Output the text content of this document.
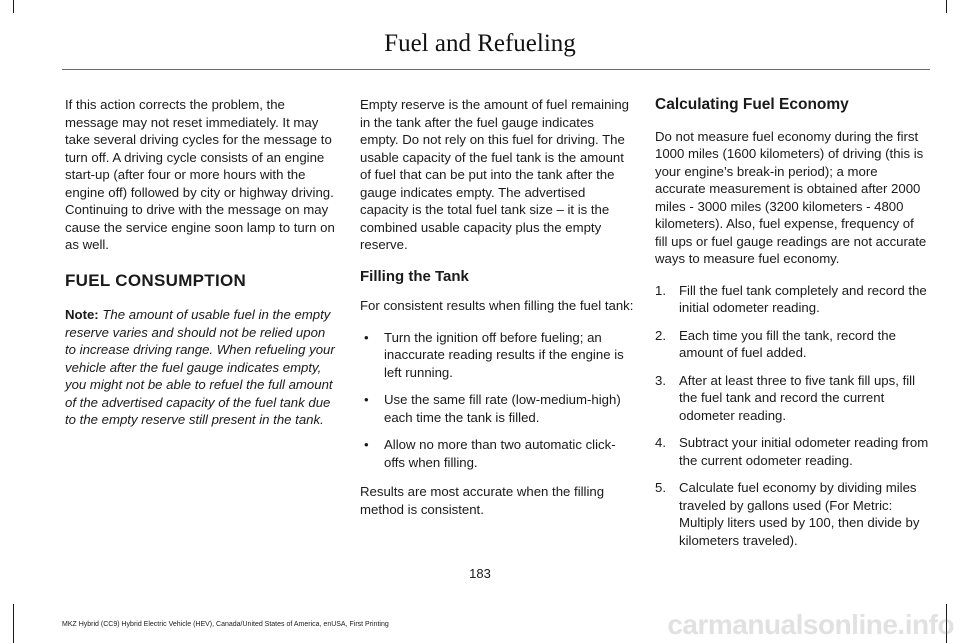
Fuel and Refueling

If this action corrects the problem, the message may not reset immediately. It may take several driving cycles for the message to turn off. A driving cycle consists of an engine start-up (after four or more hours with the engine off) followed by city or highway driving. Continuing to drive with the message on may cause the service engine soon lamp to turn on as well.

FUEL CONSUMPTION

Note: The amount of usable fuel in the empty reserve varies and should not be relied upon to increase driving range. When refueling your vehicle after the fuel gauge indicates empty, you might not be able to refuel the full amount of the advertised capacity of the fuel tank due to the empty reserve still present in the tank.

Empty reserve is the amount of fuel remaining in the tank after the fuel gauge indicates empty. Do not rely on this fuel for driving. The usable capacity of the fuel tank is the amount of fuel that can be put into the tank after the gauge indicates empty. The advertised capacity is the total fuel tank size – it is the combined usable capacity plus the empty reserve.

Filling the Tank

For consistent results when filling the fuel tank:

• Turn the ignition off before fueling; an inaccurate reading results if the engine is left running.
• Use the same fill rate (low-medium-high) each time the tank is filled.
• Allow no more than two automatic click-offs when filling.

Results are most accurate when the filling method is consistent.

Calculating Fuel Economy

Do not measure fuel economy during the first 1000 miles (1600 kilometers) of driving (this is your engine’s break-in period); a more accurate measurement is obtained after 2000 miles - 3000 miles (3200 kilometers - 4800 kilometers). Also, fuel expense, frequency of fill ups or fuel gauge readings are not accurate ways to measure fuel economy.

1. Fill the fuel tank completely and record the initial odometer reading.
2. Each time you fill the tank, record the amount of fuel added.
3. After at least three to five tank fill ups, fill the fuel tank and record the current odometer reading.
4. Subtract your initial odometer reading from the current odometer reading.
5. Calculate fuel economy by dividing miles traveled by gallons used (For Metric: Multiply liters used by 100, then divide by kilometers traveled).
183
MKZ Hybrid (CC9) Hybrid Electric Vehicle (HEV), Canada/United States of America, enUSA, First Printing	carmanualsonline.info
